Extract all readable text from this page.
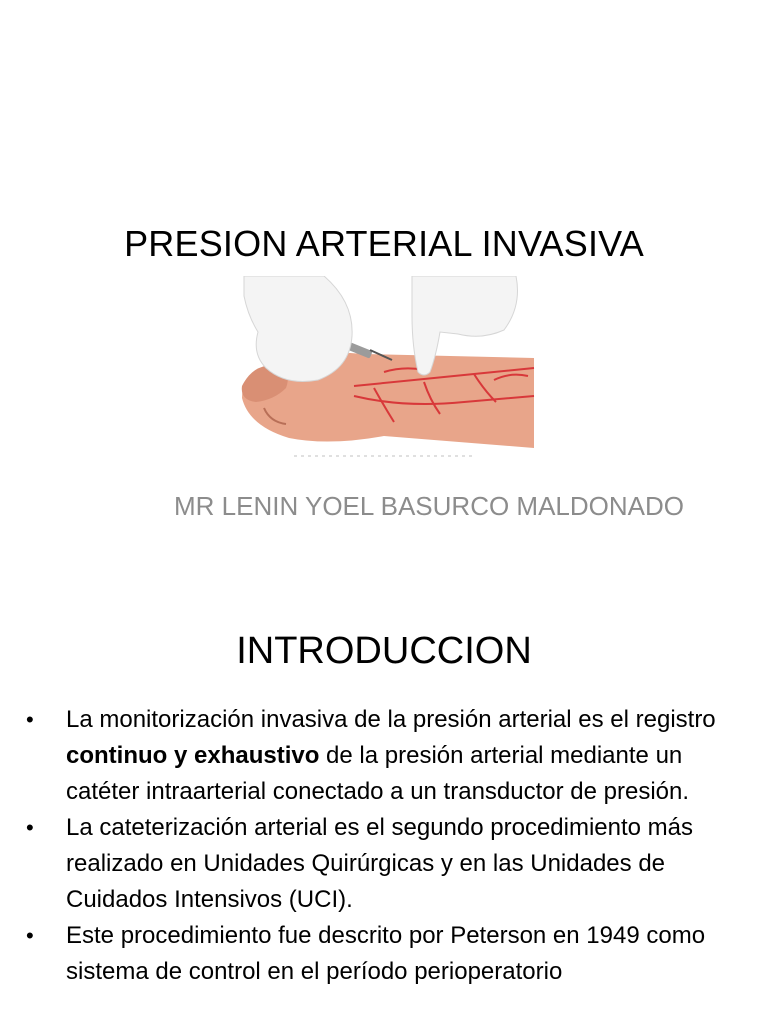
PRESION ARTERIAL INVASIVA
MR LENIN YOEL BASURCO MALDONADO
INTRODUCCION
•	La monitorización invasiva de la presión arterial es el registro continuo y exhaustivo de la presión arterial mediante un catéter intraarterial conectado a un transductor de presión.
•	La cateterización arterial es el segundo procedimiento más realizado en Unidades Quirúrgicas y en las Unidades de Cuidados Intensivos (UCI).
•	Este procedimiento fue descrito por Peterson en 1949 como sistema de control en el período perioperatorio
